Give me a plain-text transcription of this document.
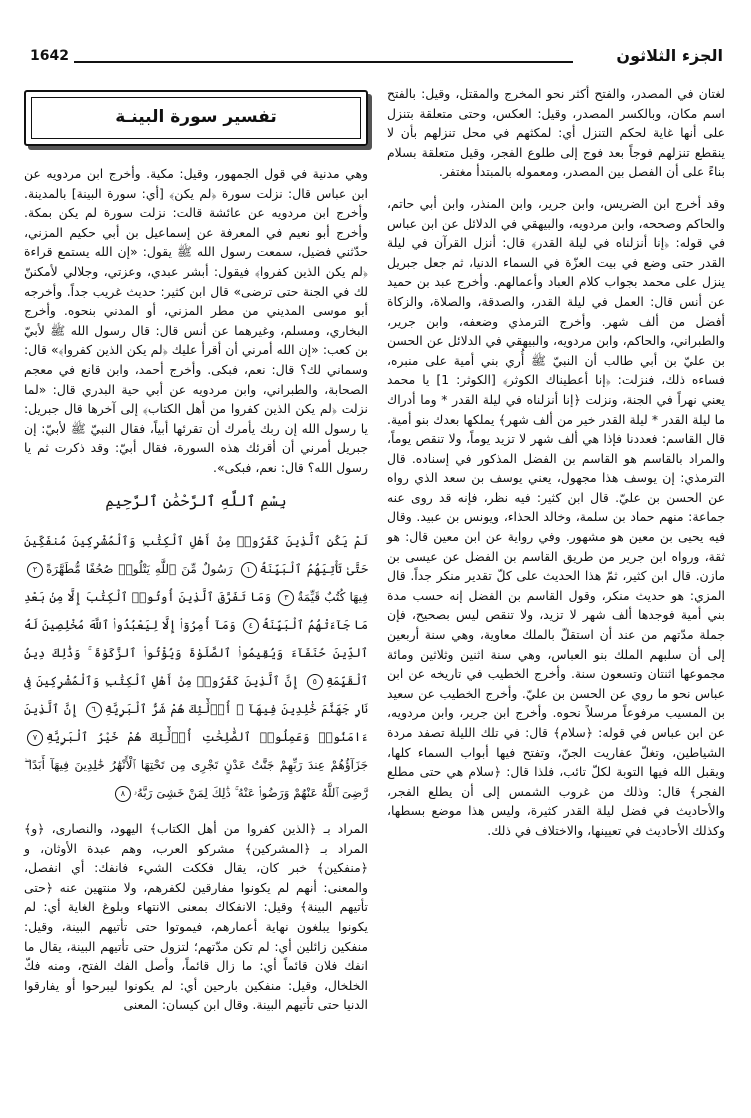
1642	الجزء الثلاثون

لغتان في المصدر، والفتح أكثر نحو المخرج والمقتل، وقيل: بالفتح اسم مكان، وبالكسر المصدر، وقيل: العكس، وحتى متعلقة بتنزل على أنها غاية لحكم التنزل أي: لمكثهم في محل تنزلهم بأن لا ينقطع تنزلهم فوجاً بعد فوج إلى طلوع الفجر، وقيل متعلقة بسلام بناءً على أن الفصل بين المصدر، ومعموله بالمبتدأ مغتفر.

وقد أخرج ابن الضريس، وابن جرير، وابن المنذر، وابن أبي حاتم، والحاكم وصححه، وابن مردويه، والبيهقي في الدلائل عن ابن عباس في قوله: ﴿إنا أنزلناه في ليلة القدر﴾ قال: أنزل القرآن في ليلة القدر حتى وضع في بيت العزّة في السماء الدنيا، ثم جعل جبريل ينزل على محمد بجواب كلام العباد وأعمالهم. وأخرج عبد بن حميد عن أنس قال: العمل في ليلة القدر، والصدقة، والصلاة، والزكاة أفضل من ألف شهر. وأخرج الترمذي وضعفه، وابن جرير، والطبراني، والحاكم، وابن مردويه، والبيهقي في الدلائل عن الحسن بن عليّ بن أبي طالب أن النبيّ ﷺ أُري بني أمية على منبره، فساءه ذلك، فنزلت: ﴿إنا أعطيناك الكوثر﴾ [الكوثر: 1] يا محمد يعني نهراً في الجنة، ونزلت ﴿إنا أنزلناه في ليلة القدر * وما أدراك ما ليلة القدر * ليلة القدر خير من ألف شهر﴾ يملكها بعدك بنو أمية. قال القاسم: فعددنا فإذا هي ألف شهر لا تزيد يوماً، ولا تنقص يوماً، والمراد بالقاسم هو القاسم بن الفضل المذكور في إسناده. قال الترمذي: إن يوسف هذا مجهول، يعني يوسف بن سعد الذي رواه عن الحسن بن عليّ. قال ابن كثير: فيه نظر، فإنه قد روى عنه جماعة: منهم حماد بن سلمة، وخالد الحذاء، ويونس بن عبيد. وقال فيه يحيى بن معين هو مشهور. وفي رواية عن ابن معين قال: هو ثقة، ورواه ابن جرير من طريق القاسم بن الفضل عن عيسى بن مازن. قال ابن كثير، ثمّ هذا الحديث على كلّ تقدير منكر جداً. قال المزي: هو حديث منكر، وقول القاسم بن الفضل إنه حسب مدة بني أمية فوجدها ألف شهر لا تزيد، ولا تنقص ليس بصحيح، فإن جملة مدّتهم من عند أن استقلّ بالملك معاوية، وهي سنة أربعين إلى أن سلبهم الملك بنو العباس، وهي سنة اثنين وثلاثين ومائة مجموعها اثنتان وتسعون سنة. وأخرج الخطيب في تاريخه عن ابن عباس نحو ما روي عن الحسن بن عليّ. وأخرج الخطيب عن سعيد بن المسيب مرفوعاً مرسلاً نحوه. وأخرج ابن جرير، وابن مردويه، عن ابن عباس في قوله: ﴿سلام﴾ قال: في تلك الليلة تصفد مردة الشياطين، وتغلّ عفاريت الجنّ، وتفتح فيها أبواب السماء كلها، ويقبل الله فيها التوبة لكلّ تائب، فلذا قال: ﴿سلام هي حتى مطلع الفجر﴾ قال: وذلك من غروب الشمس إلى أن يطلع الفجر، والأحاديث في فضل ليلة القدر كثيرة، وليس هذا موضع بسطها، وكذلك الأحاديث في تعيينها، والاختلاف في ذلك.

تفسير سورة البينـة

وهي مدنية في قول الجمهور، وقيل: مكية. وأخرج ابن مردويه عن ابن عباس قال: نزلت سورة ﴿لم يكن﴾ [أي: سورة البينة] بالمدينة. وأخرج ابن مردويه عن عائشة قالت: نزلت سورة لم يكن بمكة. وأخرج أبو نعيم في المعرفة عن إسماعيل بن أبي حكيم المزني، حدّثني فضيل، سمعت رسول الله ﷺ يقول: «إن الله يستمع قراءة ﴿لم يكن الذين كفروا﴾ فيقول: أبشر عبدي، وعزتي، وجلالي لأمكننّ لك في الجنة حتى ترضى» قال ابن كثير: حديث غريب جداً. وأخرجه أبو موسى المديني من مطر المزني، أو المدني بنحوه. وأخرج البخاري، ومسلم، وغيرهما عن أنس قال: قال رسول الله ﷺ لأبيّ بن كعب: «إن الله أمرني أن أقرأ عليك ﴿لم يكن الذين كفروا﴾» قال: وسماني لك؟ قال: نعم، فبكى. وأخرج أحمد، وابن قانع في معجم الصحابة، والطبراني، وابن مردويه عن أبي حية البدري قال: «لما نزلت ﴿لم يكن الذين كفروا من أهل الكتاب﴾ إلى آخرها قال جبريل: يا رسول الله إن ربك يأمرك أن تقرئها أبياً، فقال النبيّ ﷺ لأبيّ: إن جبريل أمرني أن أقرئك هذه السورة، فقال أبيّ: وقد ذكرت ثم يا رسول الله؟ قال: نعم، فبكى».

بِسْمِ ٱللَّهِ ٱلرَّحْمَٰنِ ٱلرَّحِيمِ
لَمْ يَكُنِ ٱلَّذِينَ كَفَرُوا۟ مِنْ أَهْلِ ٱلْكِتَٰبِ وَٱلْمُشْرِكِينَ مُنفَكِّينَ حَتَّىٰ تَأْتِيَهُمُ ٱلْبَيِّنَةُ١ رَسُولٌ مِّنَ ٱللَّهِ يَتْلُوا۟ صُحُفًا مُّطَهَّرَةً٢ فِيهَا كُتُبٌ قَيِّمَةٌ٣ وَمَا تَفَرَّقَ ٱلَّذِينَ أُوتُوا۟ ٱلْكِتَٰبَ إِلَّا مِنۢ بَعْدِ مَا جَآءَتْهُمُ ٱلْبَيِّنَةُ٤ وَمَآ أُمِرُوٓا۟ إِلَّا لِيَعْبُدُوا۟ ٱللَّهَ مُخْلِصِينَ لَهُ ٱلدِّينَ حُنَفَآءَ وَيُقِيمُوا۟ ٱلصَّلَوٰةَ وَيُؤْتُوا۟ ٱلزَّكَوٰةَ ۚ وَذَٰلِكَ دِينُ ٱلْقَيِّمَةِ٥ إِنَّ ٱلَّذِينَ كَفَرُوا۟ مِنْ أَهْلِ ٱلْكِتَٰبِ وَٱلْمُشْرِكِينَ فِى نَارِ جَهَنَّمَ خَٰلِدِينَ فِيهَآ ۚ أُو۟لَٰٓئِكَ هُمْ شَرُّ ٱلْبَرِيَّةِ٦ إِنَّ ٱلَّذِينَ ءَامَنُوا۟ وَعَمِلُوا۟ ٱلصَّٰلِحَٰتِ أُو۟لَٰٓئِكَ هُمْ خَيْرُ ٱلْبَرِيَّةِ٧ جَزَآؤُهُمْ عِندَ رَبِّهِمْ جَنَّٰتُ عَدْنٍ تَجْرِى مِن تَحْتِهَا ٱلْأَنْهَٰرُ خَٰلِدِينَ فِيهَآ أَبَدًا ۖ رَّضِىَ ٱللَّهُ عَنْهُمْ وَرَضُوا۟ عَنْهُ ۚ ذَٰلِكَ لِمَنْ خَشِىَ رَبَّهُۥ٨

المراد بـ ﴿الذين كفروا من أهل الكتاب﴾ اليهود، والنصارى، ﴿و﴾ المراد بـ ﴿المشركين﴾ مشركو العرب، وهم عبدة الأوثان، و ﴿منفكين﴾ خبر كان، يقال فككت الشيء فانفك: أي انفصل، والمعنى: أنهم لم يكونوا مفارقين لكفرهم، ولا منتهين عنه ﴿حتى تأتيهم البينة﴾ وقيل: الانفكاك بمعنى الانتهاء وبلوغ الغاية أي: لم يكونوا يبلغون نهاية أعمارهم، فيموتوا حتى تأتيهم البينة، وقيل: منفكين زائلين أي: لم تكن مدّتهم؛ لتزول حتى تأتيهم البينة، يقال ما انفك فلان قائماً أي: ما زال قائماً، وأصل الفك الفتح، ومنه فكّ الخلخال، وقيل: منفكين بارحين أي: لم يكونوا ليبرحوا أو يفارقوا الدنيا حتى تأتيهم البينة. وقال ابن كيسان: المعنى
